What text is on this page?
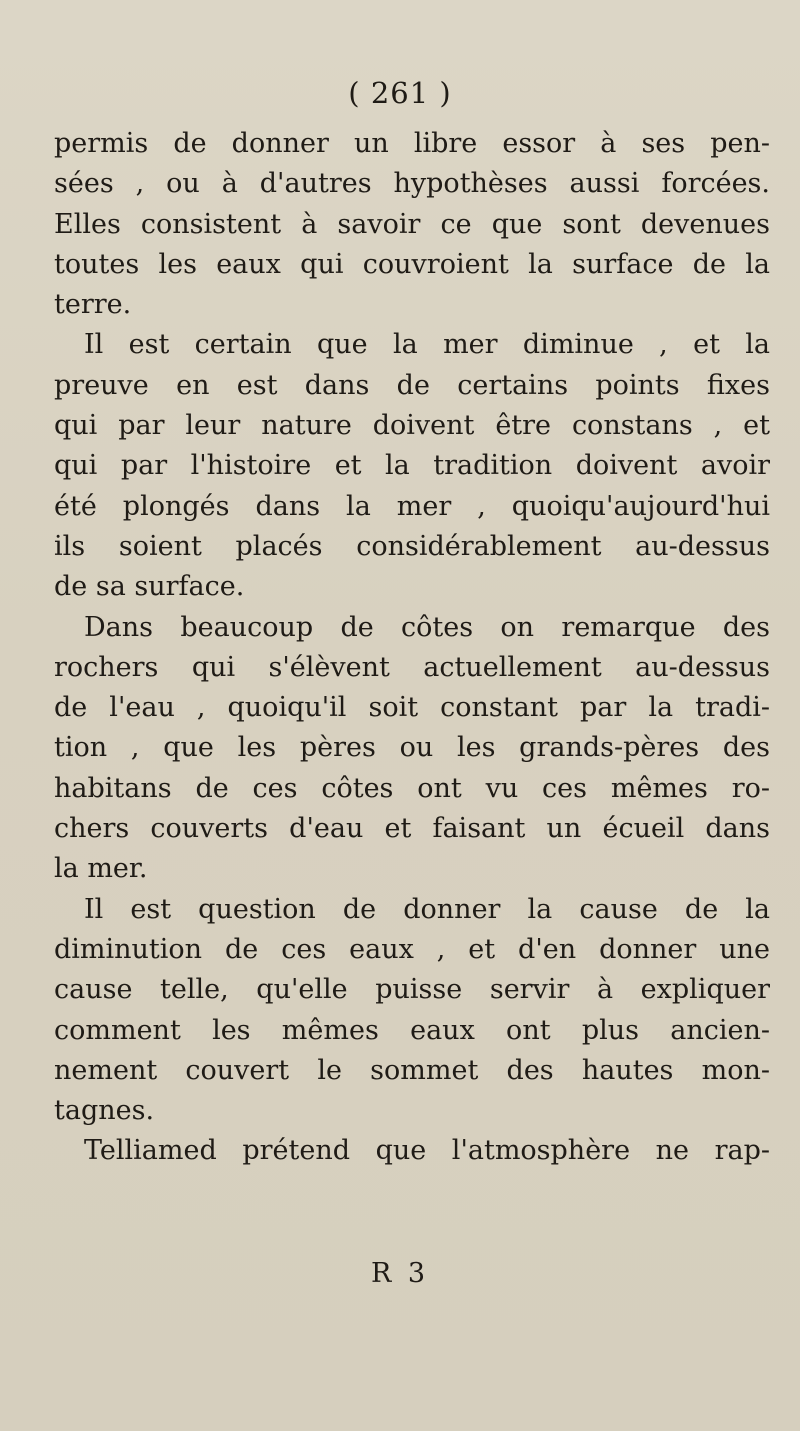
( 261 )
permis de donner un libre essor à ses pen-
sées , ou à d'autres hypothèses aussi forcées.
Elles consistent à savoir ce que sont devenues
toutes les eaux qui couvroient la surface de la
terre.
Il est certain que la mer diminue , et la
preuve en est dans de certains points fixes
qui par leur nature doivent être constans , et
qui par l'histoire et la tradition doivent avoir
été plongés dans la mer , quoiqu'aujourd'hui
ils soient placés considérablement au-dessus
de sa surface.
Dans beaucoup de côtes on remarque des
rochers qui s'élèvent actuellement au-dessus
de l'eau , quoiqu'il soit constant par la tradi-
tion , que les pères ou les grands-pères des
habitans de ces côtes ont vu ces mêmes ro-
chers couverts d'eau et faisant un écueil dans
la mer.
Il est question de donner la cause de la
diminution de ces eaux , et d'en donner une
cause telle, qu'elle puisse servir à expliquer
comment les mêmes eaux ont plus ancien-
nement couvert le sommet des hautes mon-
tagnes.
Telliamed prétend que l'atmosphère ne rap-
R 3
